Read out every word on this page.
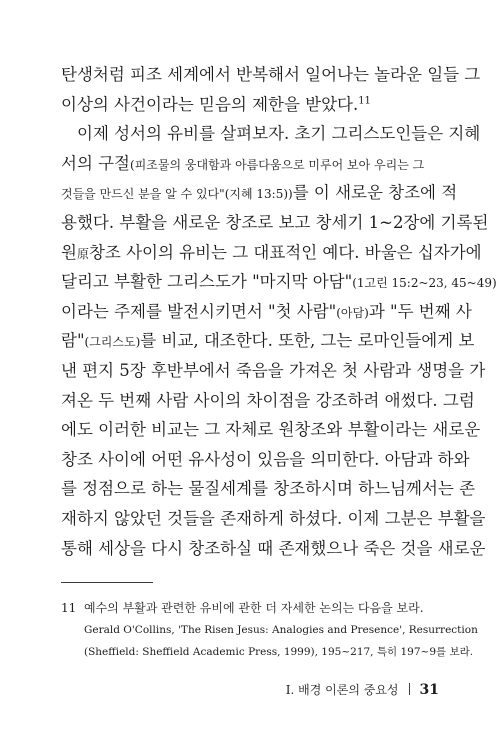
탄생처럼 피조 세계에서 반복해서 일어나는 놀라운 일들 그
이상의 사건이라는 믿음의 제한을 받았다.$^{11}$
이제 성서의 유비를 살펴보자. 초기 그리스도인들은 지혜
서의 구절(피조물의 웅대함과 아름다움으로 미루어 보아 우리는 그
것들을 만드신 분을 알 수 있다"(지혜 13:5))를 이 새로운 창조에 적
용했다. 부활을 새로운 창조로 보고 창세기 1~2장에 기록된
원原창조 사이의 유비는 그 대표적인 예다. 바울은 십자가에
달리고 부활한 그리스도가 "마지막 아담"(1고린 15:2~23, 45~49)
이라는 주제를 발전시키면서 "첫 사람"(아담)과 "두 번째 사
람"(그리스도)를 비교, 대조한다. 또한, 그는 로마인들에게 보
낸 편지 5장 후반부에서 죽음을 가져온 첫 사람과 생명을 가
져온 두 번째 사람 사이의 차이점을 강조하려 애썼다. 그럼
에도 이러한 비교는 그 자체로 원창조와 부활이라는 새로운
창조 사이에 어떤 유사성이 있음을 의미한다. 아담과 하와
를 정점으로 하는 물질세계를 창조하시며 하느님께서는 존
재하지 않았던 것들을 존재하게 하셨다. 이제 그분은 부활을
통해 세상을 다시 창조하실 때 존재했으나 죽은 것을 새로운
11 예수의 부활과 관련한 유비에 관한 더 자세한 논의는 다음을 보라.
Gerald O'Collins, 'The Risen Jesus: Analogies and Presence', Resurrection
(Sheffield: Sheffield Academic Press, 1999), 195~217, 특히 197~9를 보라.
I. 배경 이론의 중요성 31
